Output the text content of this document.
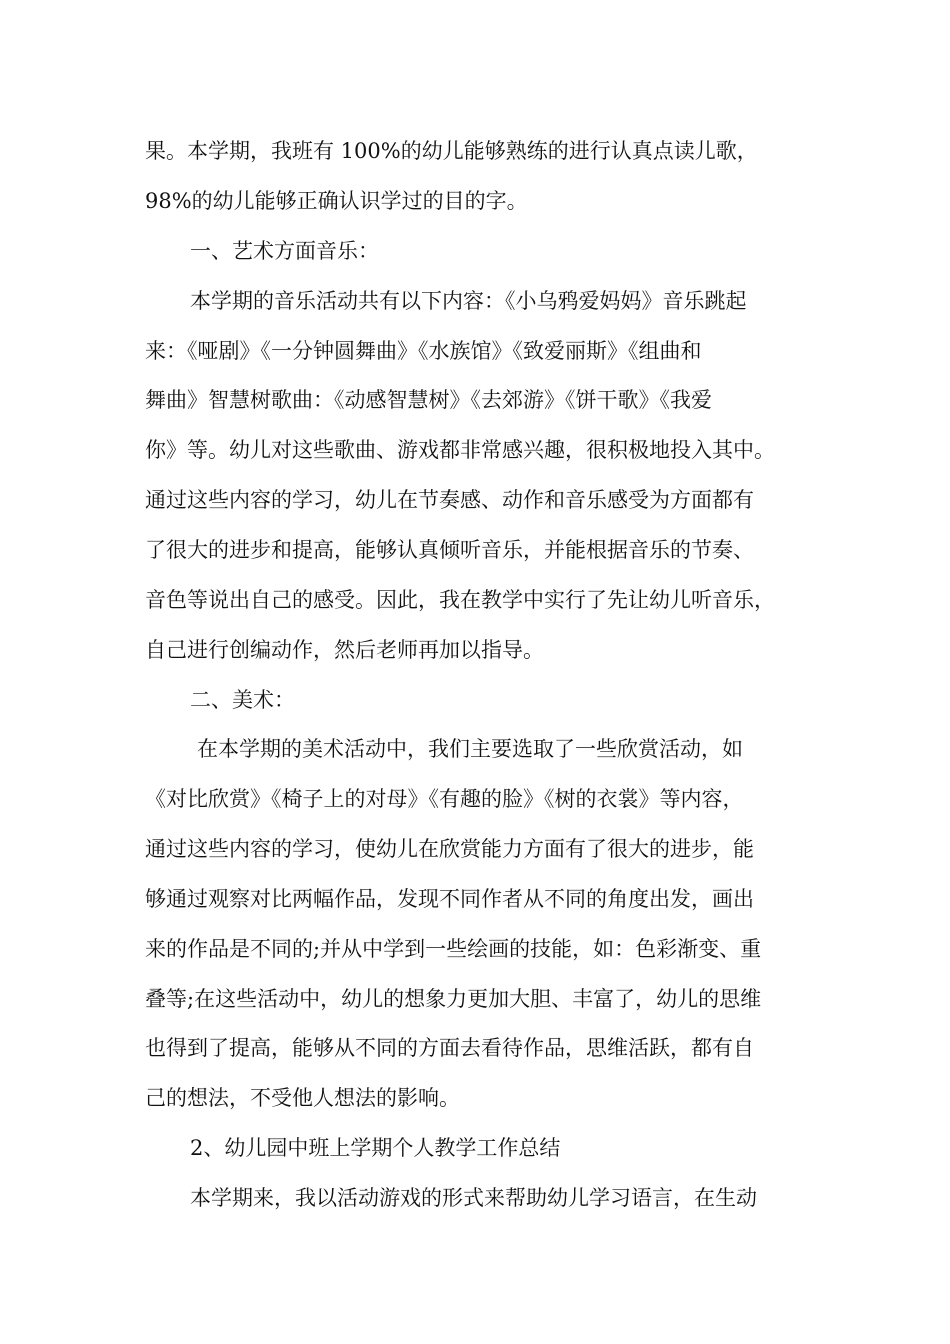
果。本学期，我班有 100%的幼儿能够熟练的进行认真点读儿歌，
98%的幼儿能够正确认识学过的目的字。
一、艺术方面音乐：
本学期的音乐活动共有以下内容：《小乌鸦爱妈妈》音乐跳起
来：《哑剧》《一分钟圆舞曲》《水族馆》《致爱丽斯》《组曲和
舞曲》智慧树歌曲：《动感智慧树》《去郊游》《饼干歌》《我爱
你》等。幼儿对这些歌曲、游戏都非常感兴趣，很积极地投入其中。
通过这些内容的学习，幼儿在节奏感、动作和音乐感受为方面都有
了很大的进步和提高，能够认真倾听音乐，并能根据音乐的节奏、
音色等说出自己的感受。因此，我在教学中实行了先让幼儿听音乐，
自己进行创编动作，然后老师再加以指导。
二、美术：
在本学期的美术活动中，我们主要选取了一些欣赏活动，如
《对比欣赏》《椅子上的对母》《有趣的脸》《树的衣裳》等内容，
通过这些内容的学习，使幼儿在欣赏能力方面有了很大的进步，能
够通过观察对比两幅作品，发现不同作者从不同的角度出发，画出
来的作品是不同的;并从中学到一些绘画的技能，如：色彩渐变、重
叠等;在这些活动中，幼儿的想象力更加大胆、丰富了，幼儿的思维
也得到了提高，能够从不同的方面去看待作品，思维活跃，都有自
己的想法，不受他人想法的影响。
2、幼儿园中班上学期个人教学工作总结
本学期来，我以活动游戏的形式来帮助幼儿学习语言，在生动
